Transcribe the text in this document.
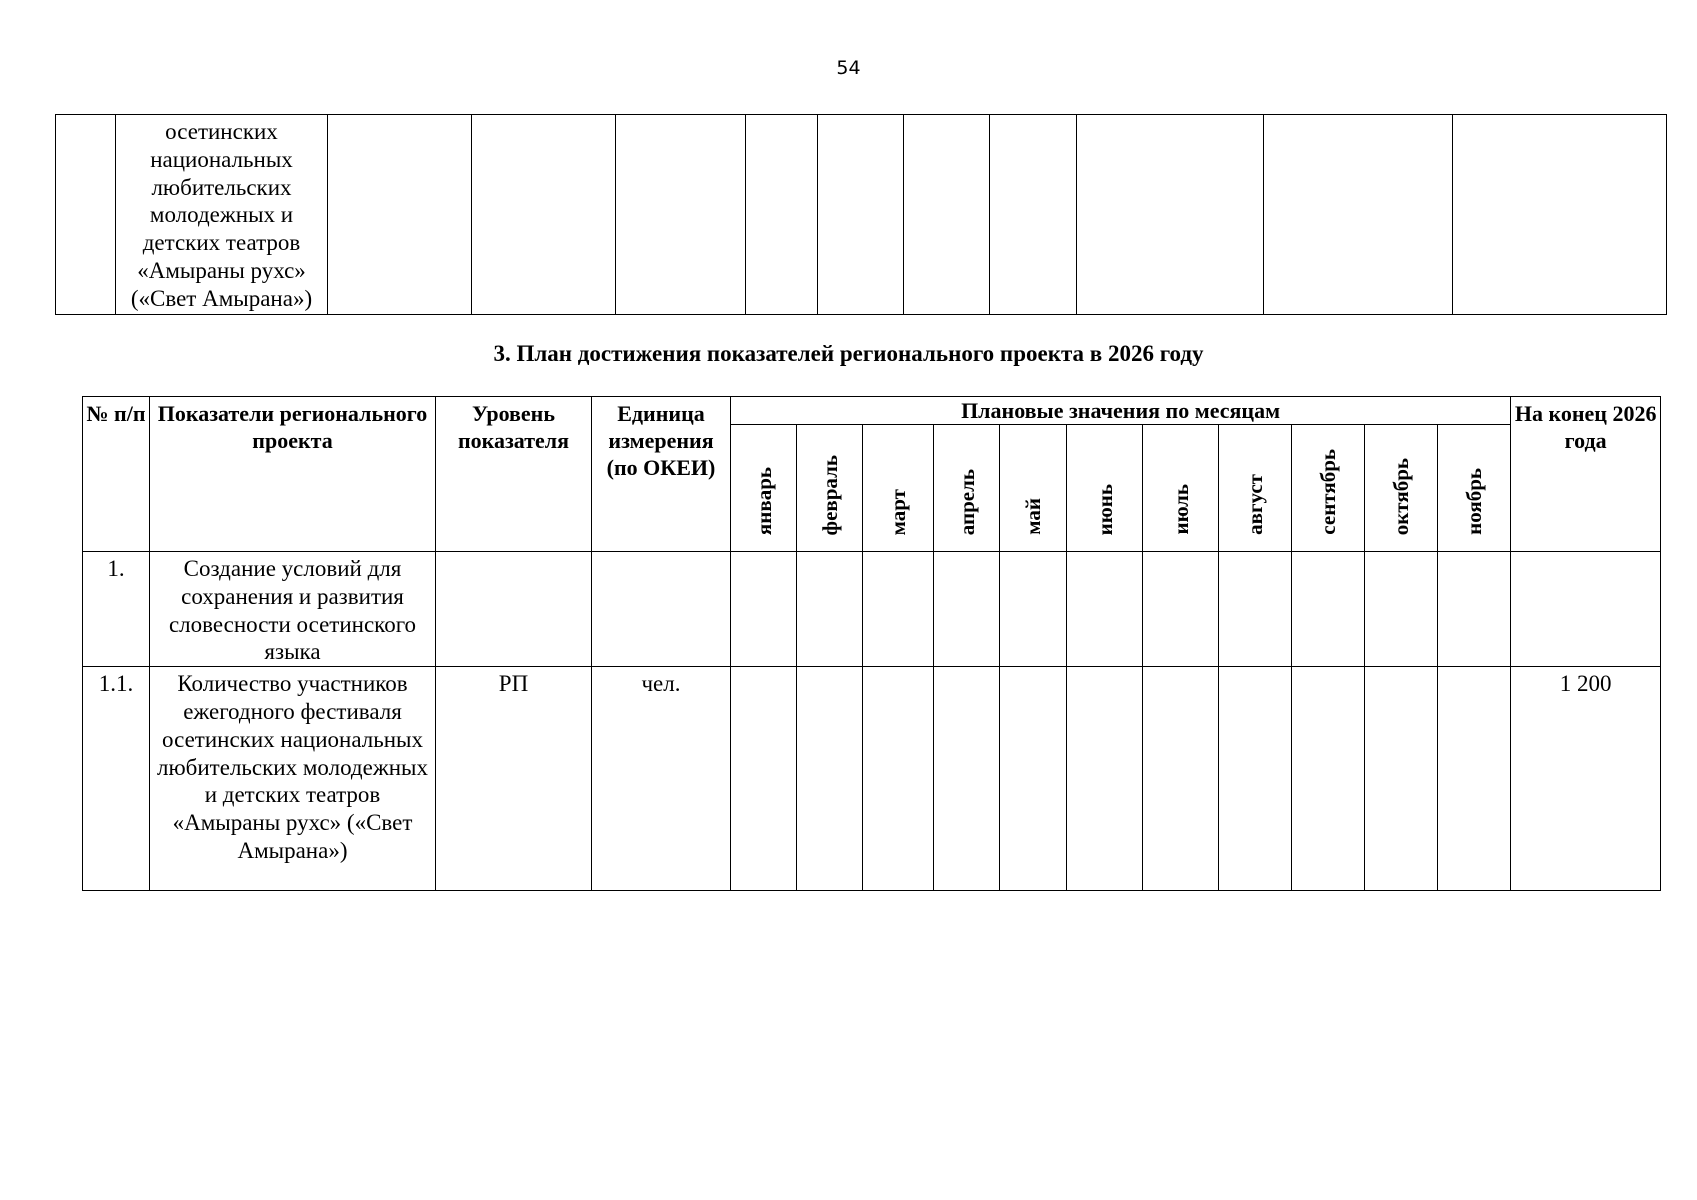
54
	осетинских национальных любительских молодежных и детских театров «Амыраны рухс» («Свет Амырана»)										
3. План достижения показателей регионального проекта в 2026 году
№ п/п	Показатели регионального проекта	Уровень показателя	Единица измерения (по ОКЕИ)	Плановые значения по месяцам											На конец 2026 года
				январь	февраль	март	апрель	май	июнь	июль	август	сентябрь	октябрь	ноябрь	
1.	Создание условий для сохранения и развития словесности осетинского языка														
1.1.	Количество участников ежегодного фестиваля осетинских национальных любительских молодежных и детских театров «Амыраны рухс» («Свет Амырана»)	РП	чел.												1 200
